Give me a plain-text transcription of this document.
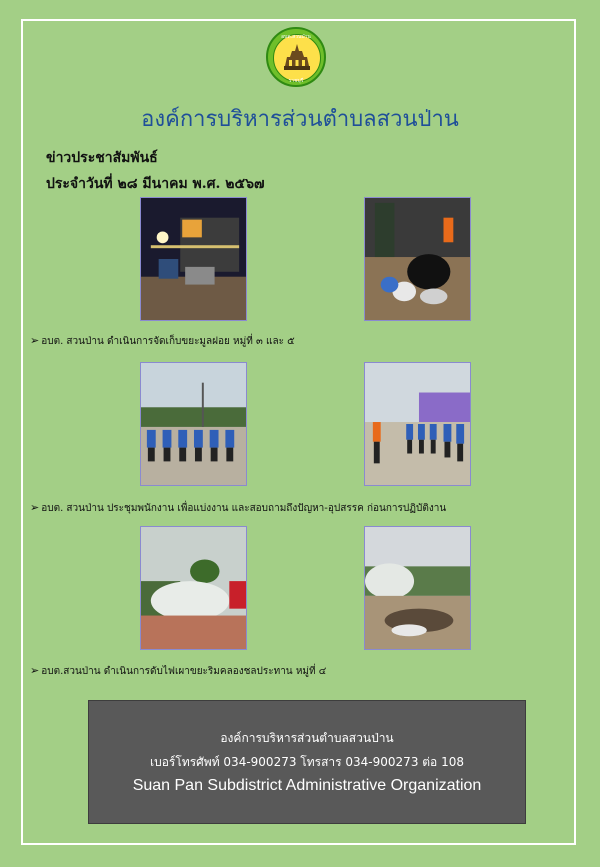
อบต.สวนป่าน
ราชบุรี
องค์การบริหารส่วนตำบลสวนป่าน
ข่าวประชาสัมพันธ์
ประจำวันที่ ๒๘ มีนาคม พ.ศ. ๒๕๖๗
➢ อบต. สวนป่าน ดำเนินการจัดเก็บขยะมูลฝอย หมู่ที่ ๓ และ ๕
➢ อบต. สวนป่าน ประชุมพนักงาน เพื่อแบ่งงาน และสอบถามถึงปัญหา-อุปสรรค ก่อนการปฏิบัติงาน
➢ อบต.สวนป่าน ดำเนินการดับไฟเผาขยะริมคลองชลประทาน หมู่ที่ ๔
องค์การบริหารส่วนตำบลสวนป่าน
เบอร์โทรศัพท์ 034-900273 โทรสาร 034-900273 ต่อ 108
Suan Pan Subdistrict Administrative Organization
